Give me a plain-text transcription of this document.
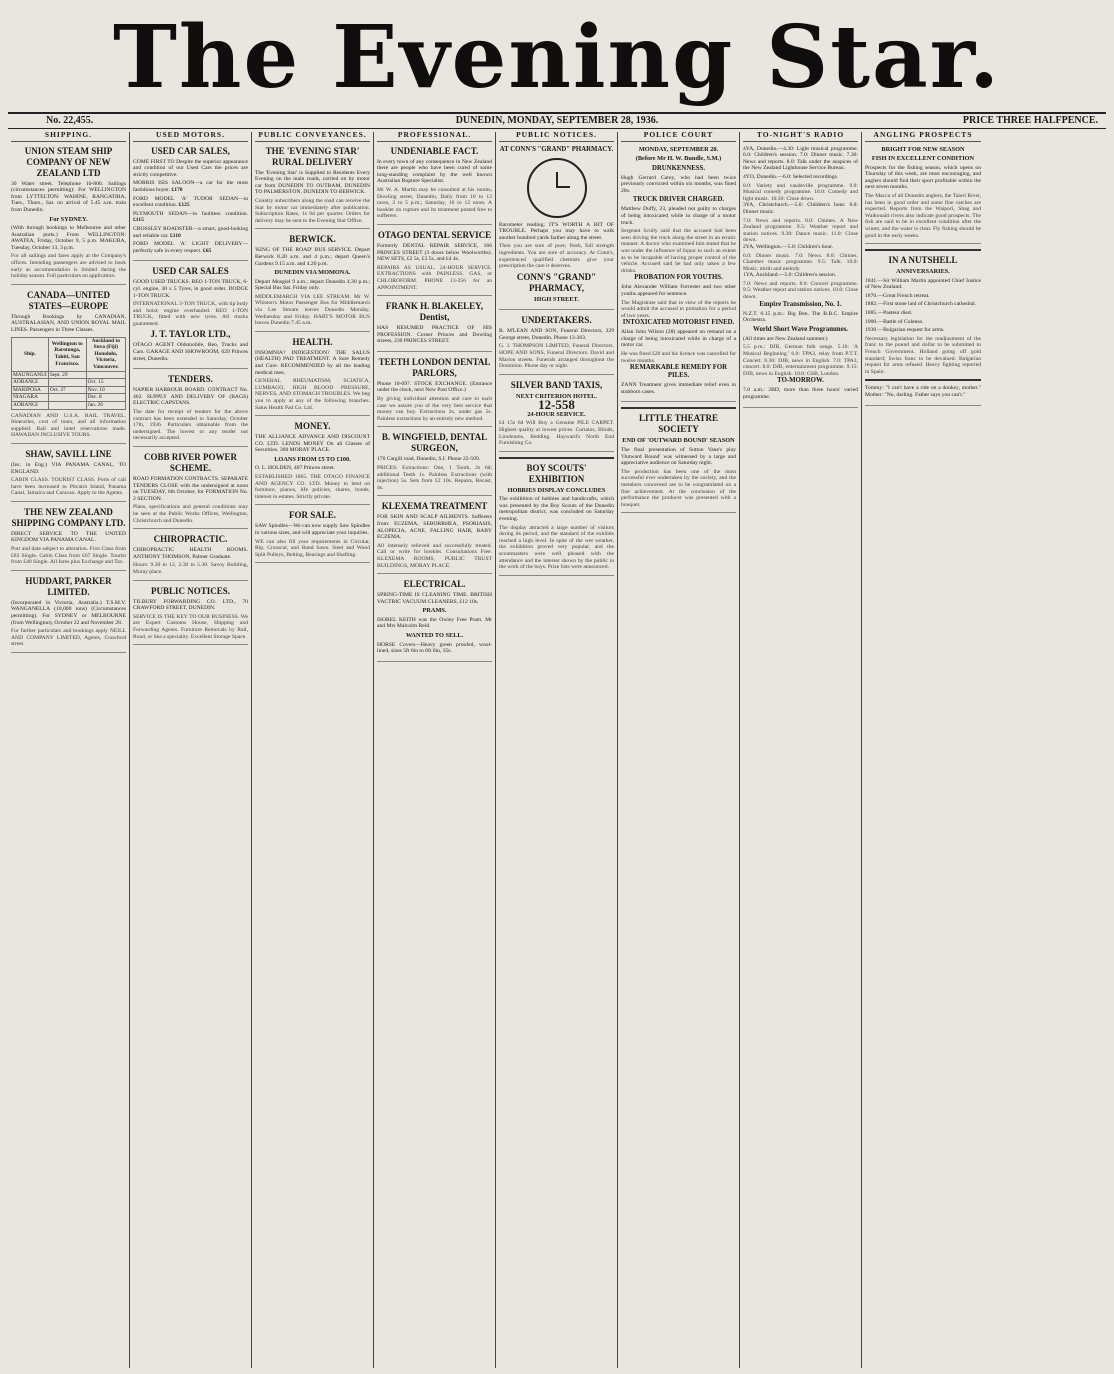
The Evening Star.
No. 22,455.	DUNEDIN, MONDAY, SEPTEMBER 28, 1936.	PRICE THREE HALFPENCE.
SHIPPING.
UNION STEAM SHIP COMPANY OF NEW ZEALAND LTD
30 Water street. Telephone 10-800. Sailings (circumstances permitting): For WELLINGTON from LYTTELTON: WAHINE, RANGATIRA, Tues., Thurs., Sat. on arrival of 5.45 a.m. train from Dunedin.
For SYDNEY.
(With through bookings to Melbourne and other Australian ports.) From WELLINGTON: AWATEA, Friday, October 9, 5 p.m. MAKURA, Tuesday, October 13, 3 p.m.
For all sailings and fares apply at the Company's offices. Intending passengers are advised to book early as accommodation is limited during the holiday season. Full particulars on application.
CANADA—UNITED STATES—EUROPE
Through Bookings by CANADIAN, AUSTRALASIAN, AND UNION ROYAL MAIL LINES. Passengers in Three Classes.
Ship.	Wellington to Rarotonga, Tahiti, San Francisco.	Auckland to Suva (Fiji) Honolulu, Victoria, Vancouver.
MAUNGANUI	Sept. 29	
AORANGI		Oct. 15
MARIPOSA	Oct. 27	Nov. 10
NIAGARA		Dec. 8
AORANGI		Jan. 26
CANADIAN AND U.S.A. RAIL TRAVEL. Itineraries, cost of tours, and all information supplied. Rail and hotel reservations made. HAWAIIAN INCLUSIVE TOURS.
SHAW, SAVILL LINE
(Inc. in Eng.) VIA PANAMA CANAL, TO ENGLAND.
CABIN CLASS. TOURIST CLASS. Ports of call have been increased to Pitcairn Island, Panama Canal, Jamaica and Curacao. Apply to the Agents.
THE NEW ZEALAND SHIPPING COMPANY LTD.
DIRECT SERVICE TO THE UNITED KINGDOM VIA PANAMA CANAL.
Port and date subject to alteration. First Class from £83 Single. Cabin Class from £67 Single. Tourist from £40 Single. All fares plus Exchange and Tax.
HUDDART, PARKER LIMITED.
(Incorporated in Victoria, Australia.) T.S.M.V. WANGANELLA (10,000 tons) (Circumstances permitting). For SYDNEY or MELBOURNE (from Wellington), October 22 and November 28.
For further particulars and bookings apply NEILL AND COMPANY LIMITED, Agents, Crawford street.
USED MOTORS.
USED CAR SALES,
COME FIRST TO Despite the superior appearance and condition of our Used Cars the prices are strictly competitive.
MORRIS ISIS SALOON—a car for the most fastidious buyer. £170
FORD MODEL 'A' TUDOR SEDAN—in excellent condition. £125
PLYMOUTH SEDAN—in faultless condition. £115
CROSSLEY ROADSTER—a smart, good-looking and reliable car. £110
FORD MODEL 'A' LIGHT DELIVERY—perfectly safe in every respect. £65
USED CAR SALES
GOOD USED TRUCKS. REO 1-TON TRUCK, 6-cyl. engine, 30 x 5 Tyres, in good order. DODGE 1-TON TRUCK.
INTERNATIONAL 3-TON TRUCK, with tip body and hoist; engine overhauled. REO 1-TON TRUCK, fitted with new tyres. All trucks guaranteed.
J. T. TAYLOR LTD.,
OTAGO AGENT Oldsmobile, Reo, Trucks and Cars. GARAGE AND SHOWROOM, 629 Princes street, Dunedin.
TENDERS.
NAPIER HARBOUR BOARD. CONTRACT No. 462. SUPPLY AND DELIVERY OF (BAGS) ELECTRIC CAPSTANS.
The date for receipt of tenders for the above contract has been extended to Saturday, October 17th, 1936. Particulars obtainable from the undersigned. The lowest or any tender not necessarily accepted.
COBB RIVER POWER SCHEME.
ROAD FORMATION CONTRACTS. SEPARATE TENDERS CLOSE with the undersigned at noon on TUESDAY, 6th October, for FORMATION No. 2 SECTION.
Plans, specifications and general conditions may be seen at the Public Works Offices, Wellington, Christchurch and Dunedin.
CHIROPRACTIC.
CHIROPRACTIC HEALTH ROOMS. ANTHONY THOMSON, Palmer Graduate.
Hours: 9.30 to 12, 2.30 to 5.30. Savoy Building, Moray place.
PUBLIC NOTICES.
TILBURY FORWARDING CO. LTD., 70 CRAWFORD STREET, DUNEDIN.
SERVICE IS THE KEY TO OUR BUSINESS. We are Expert Customs House, Shipping and Forwarding Agents. Furniture Removals by Rail, Road, or Sea a speciality. Excellent Storage Space.
PUBLIC CONVEYANCES.
THE 'EVENING STAR' RURAL DELIVERY
The 'Evening Star' is Supplied to Residents Every Evening on the main roads, carried on by motor car from DUNEDIN TO OUTRAM, DUNEDIN TO PALMERSTON, DUNEDIN TO BERWICK.
Country subscribers along the road can receive the Star by motor car immediately after publication. Subscription Rates, 1s 9d per quarter. Orders for delivery may be sent to the Evening Star Office.
BERWICK.
'KING OF THE ROAD' BUS SERVICE. Depart Berwick 8.20 a.m. and 4 p.m.; depart Queen's Gardens 9.15 a.m. and 4.20 p.m.
DUNEDIN VIA MOMONA.
Depart Mosgiel 9 a.m.; depart Dunedin 4.30 p.m.; Special Bus Sat. Friday only.
MIDDLEMARCH VIA LEE STREAM. Mr W. Whiston's Motor Passenger Bus for Middlemarch via Lee Stream leaves Dunedin Monday, Wednesday and Friday. HART'S MOTOR BUS leaves Dunedin 7.45 a.m.
HEALTH.
INSOMNIA? INDIGESTION? THE SALUS (HEALTH) PAD TREATMENT. A Sure Remedy and Cure. RECOMMENDED by all the leading medical men.
GENERAL RHEUMATISM, SCIATICA, LUMBAGO, HIGH BLOOD PRESSURE, NERVES, AND STOMACH TROUBLES. We beg you to apply at any of the following branches. Salus Health Pad Co. Ltd.
MONEY.
THE ALLIANCE ADVANCE AND DISCOUNT CO. LTD. LENDS MONEY On all Classes of Securities. 360 MORAY PLACE.
LOANS FROM £5 TO £100.
O. L. HOLDEN, 407 Princes street.
ESTABLISHED 1865. THE OTAGO FINANCE AND AGENCY CO. LTD. Money to lend on furniture, pianos, life policies, shares, bonds, interest in estates. Strictly private.
FOR SALE.
SAW Spindles—We can now supply Saw Spindles in various sizes, and will appreciate your inquiries.
WE can also fill your requirements in Circular, Rip, Crosscut, and Band Saws. Steel and Wood Split Pulleys, Belting, Bearings and Shafting.
PROFESSIONAL.
UNDENIABLE FACT.
In every town of any consequence in New Zealand there are people who have been cured of some long-standing complaint by the well known Australian Rupture Specialist.
Mr W. A. Martin may be consulted at his rooms, Dowling street, Dunedin, Daily from 10 to 12 noon, 2 to 5 p.m.; Saturday, 10 to 12 noon. A booklet on rupture and its treatment posted free to sufferers.
OTAGO DENTAL SERVICE
Formerly DENTAL REPAIR SERVICE, 166 PRINCES STREET (3 doors below Woolworths). NEW SETS, £2 5s, £3 5s, and £4 4s.
REPAIRS AS USUAL. 24-HOUR SERVICE. EXTRACTIONS with PAINLESS, GAS, or CHLOROFORM. PHONE 13-256 for an APPOINTMENT.
FRANK H. BLAKELEY, Dentist,
HAS RESUMED PRACTICE OF HIS PROFESSION. Corner Princes and Dowling streets, 230 PRINCES STREET.
TEETH LONDON DENTAL PARLORS,
Phone 10-697. STOCK EXCHANGE. (Entrance under the clock, next New Post Office.)
By giving individual attention and care to each case we assure you of the very best service that money can buy. Extractions 2s, under gas 5s. Painless extractions by an entirely new method.
B. WINGFIELD, DENTAL SURGEON,
170 Cargill road, Dunedin, S.I. Phone 22-509.
PRICES: Extractions: One, 1 Tooth, 2s 6d; additional Teeth 1s. Painless Extractions (with injection) 5s. Sets from £2 10s. Repairs, Recast, 4s.
KLEXEMA TREATMENT
FOR SKIN AND SCALP AILMENTS. Sufferers from: ECZEMA, SEBORRHEA, PSORIASIS, ALOPECIA, ACNE, FALLING HAIR, BABY ECZEMA.
All intensely relieved and successfully treated. Call or write for booklet. Consultations Free. KLEXEMA ROOMS, PUBLIC TRUST BUILDINGS, MORAY PLACE.
ELECTRICAL.
SPRING-TIME IS CLEANING TIME. BRITISH VACTRIC VACUUM CLEANERS, £12 10s.
PRAMS.
ISOBEL KEITH was the Owley Free Pram. Mr and Mrs Malcolm Reid.
WANTED TO SELL.
HORSE Covers—Heavy green proofed, wool-lined, sizes 5ft 6in to 6ft 6in, 35s.
PUBLIC NOTICES.
AT CONN'S "GRAND" PHARMACY.
Barometer reading: IT'S WORTH A BIT OF TROUBLE. Perhaps you may have to walk another hundred yards farther along the street.
Then you are sure of pure, fresh, full strength ingredients. You are sure of accuracy. At Conn's, experienced qualified chemists give your prescription the care it deserves.
CONN'S "GRAND" PHARMACY,
HIGH STREET.
UNDERTAKERS.
R. M'LEAN AND SON, Funeral Directors, 229 George street, Dunedin. Phone 13-263.
G. J. THOMPSON LIMITED, Funeral Directors. HOPE AND SONS, Funeral Directors. David and Marion streets. Funerals arranged throughout the Dominion. Phone day or night.
SILVER BAND TAXIS,
NEXT CRITERION HOTEL.
12-558
24-HOUR SERVICE.
£4 15s 6d Will Buy a Genuine PILE CARPET. Highest quality at lowest prices. Curtains, Blinds, Linoleums, Bedding. Hayward's North End Furnishing Co.
BOY SCOUTS' EXHIBITION
HOBBIES DISPLAY CONCLUDES
The exhibition of hobbies and handicrafts, which was presented by the Boy Scouts of the Dunedin metropolitan district, was concluded on Saturday evening.
The display attracted a large number of visitors during its period, and the standard of the exhibits reached a high level. In spite of the wet weather, the exhibition proved very popular, and the scoutmasters were well pleased with the attendance and the interest shown by the public in the work of the boys. Prize lists were announced.
POLICE COURT
MONDAY, SEPTEMBER 28.
(Before Mr H. W. Bundle, S.M.)
DRUNKENNESS.
Hugh Gerrard Carey, who had been twice previously convicted within six months, was fined 20s.
TRUCK DRIVER CHARGED.
Matthew Duffy, 23, pleaded not guilty to charges of being intoxicated while in charge of a motor truck.
Sergeant Scully said that the accused had been seen driving the truck along the street in an erratic manner. A doctor who examined him stated that he was under the influence of liquor to such an extent as to be incapable of having proper control of the vehicle. Accused said he had only taken a few drinks.
PROBATION FOR YOUTHS.
John Alexander William Forrester and two other youths appeared for sentence.
The Magistrate said that in view of the reports he would admit the accused to probation for a period of two years.
INTOXICATED MOTORIST FINED.
Allan John Wilson (28) appeared on remand on a charge of being intoxicated while in charge of a motor car.
He was fined £20 and his licence was cancelled for twelve months.
REMARKABLE REMEDY FOR PILES.
ZANN Treatment gives immediate relief even in stubborn cases.
LITTLE THEATRE SOCIETY
END OF 'OUTWARD BOUND' SEASON
The final presentation of Sutton Vane's play 'Outward Bound' was witnessed by a large and appreciative audience on Saturday night.
The production has been one of the most successful ever undertaken by the society, and the members concerned are to be congratulated on a fine achievement. At the conclusion of the performance the producer was presented with a bouquet.
TO-NIGHT'S RADIO
4YA, Dunedin.—4.30: Light musical programme. 6.0: Children's session. 7.0: Dinner music. 7.30: News and reports. 8.0: Talk under the auspices of the New Zealand Lighthouse Service Bureau.
4YO, Dunedin.—6.0: Selected recordings.
8.0: Variety and vaudeville programme. 9.0: Musical comedy programme. 10.0: Comedy and light music. 10.30: Close down.
3YA, Christchurch.—5.0: Children's hour. 6.0: Dinner music.
7.0: News and reports. 8.0: Chimes. A New Zealand programme. 9.5: Weather report and station notices. 9.30: Dance music. 11.0: Close down.
2YA, Wellington.—5.0: Children's hour.
6.0: Dinner music. 7.0: News. 8.0: Chimes. Chamber music programme. 9.5: Talk. 10.0: Music, mirth and melody.
1YA, Auckland.—5.0: Children's session.
7.0: News and reports. 8.0: Concert programme. 9.5: Weather report and station notices. 10.0: Close down.
Empire Transmission, No. 1.
N.Z.T. 6.15 p.m.: Big Ben. The B.B.C. Empire Orchestra.
World Short Wave Programmes.
(All times are New Zealand summer.)
5.5 p.m.: DJB, German folk songs. 5.10: 'A Musical Beginning.' 6.0: TPA3, relay from P.T.T. Concert. 6.30: DJB, news in English. 7.0: TPA3, concert. 8.0: DJB, entertainment programme. 9.15: DJB, news in English. 10.0: GSB, London.
TO-MORROW.
7.0 a.m.: 2BD, more than three hours' varied programme.
ANGLING PROSPECTS
BRIGHT FOR NEW SEASON
FISH IN EXCELLENT CONDITION
Prospects for the fishing season, which opens on Thursday of this week, are most encouraging, and anglers should find their sport profitable within the next seven months.
The Macca of all Dunedin anglers, the Taieri River, has been in good order and some fine catches are expected. Reports from the Waipori, Shag and Waikouaiti rivers also indicate good prospects. The fish are said to be in excellent condition after the winter, and the water is clear. Fly fishing should be good in the early weeks.
IN A NUTSHELL
ANNIVERSARIES.
1841.—Sir William Martin appointed Chief Justice of New Zealand.
1870.—Great French retreat.
1882.—First stone laid of Christchurch cathedral.
1885.—Pasteur died.
1900.—Battle of Colenso.
1930.—Bulgarian request for arms.
Necessary legislation for the readjustment of the franc to the pound and dollar to be submitted to French Government. Holland going off gold standard; Swiss franc to be devalued. Bulgarian request for arms refused. Heavy fighting reported in Spain.
Tommy: "I can't have a ride on a donkey, mother." Mother: "No, darling. Father says you can't."
